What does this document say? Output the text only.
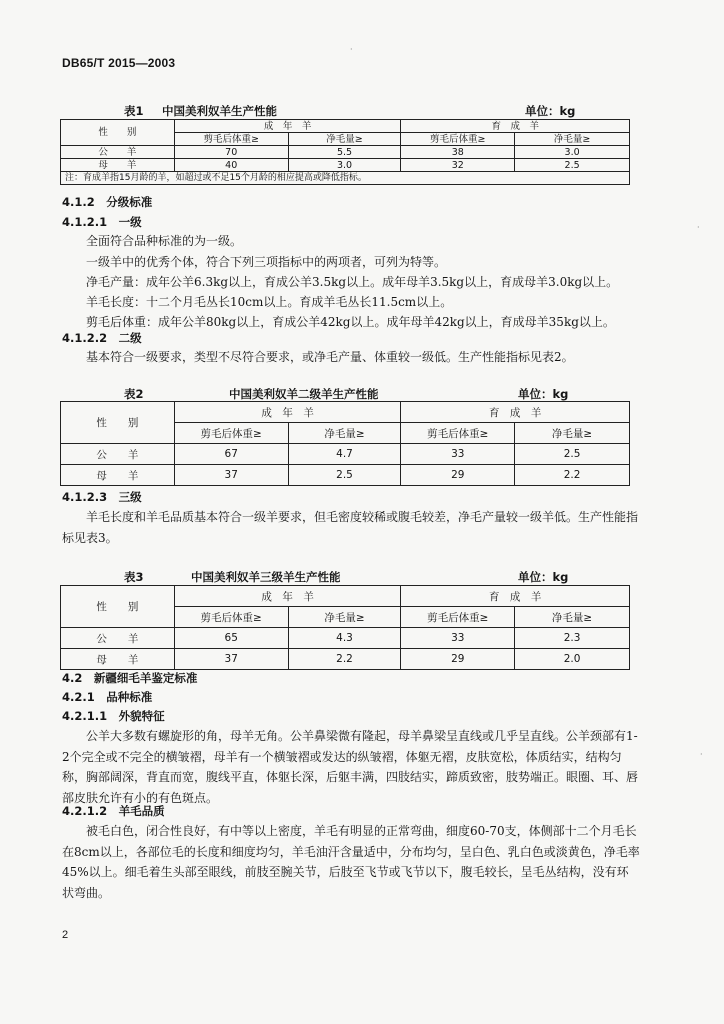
DB65/T 2015—2003
表1 中国美利奴羊生产性能	单位：kg
性　　别	成　年　羊		育　成　羊	
	剪毛后体重≥	净毛量≥	剪毛后体重≥	净毛量≥
公　　羊	70	5.5	38	3.0
母　　羊	40	3.0	32	2.5
注：育成羊指15月龄的羊，如超过或不足15个月龄的相应提高或降低指标。				
4.1.2　分级标准
4.1.2.1　一级
全面符合品种标准的为一级。
一级羊中的优秀个体，符合下列三项指标中的两项者，可列为特等。
净毛产量：成年公羊6.3kg以上，育成公羊3.5kg以上。成年母羊3.5kg以上，育成母羊3.0kg以上。
羊毛长度：十二个月毛丛长10cm以上。育成羊毛丛长11.5cm以上。
剪毛后体重：成年公羊80kg以上，育成公羊42kg以上。成年母羊42kg以上，育成母羊35kg以上。
4.1.2.2　二级
基本符合一级要求，类型不尽符合要求，或净毛产量、体重较一级低。生产性能指标见表2。
表2	中国美利奴羊二级羊生产性能	单位：kg
性　　别	成　年　羊		育　成　羊	
	剪毛后体重≥	净毛量≥	剪毛后体重≥	净毛量≥
公　　羊	67	4.7	33	2.5
母　　羊	37	2.5	29	2.2
4.1.2.3　三级
羊毛长度和羊毛品质基本符合一级羊要求，但毛密度较稀或腹毛较差，净毛产量较一级羊低。生产性能指标见表3。
表3	中国美利奴羊三级羊生产性能	单位：kg
性　　别	成　年　羊		育　成　羊	
	剪毛后体重≥	净毛量≥	剪毛后体重≥	净毛量≥
公　　羊	65	4.3	33	2.3
母　　羊	37	2.2	29	2.0
4.2　新疆细毛羊鉴定标准
4.2.1　品种标准
4.2.1.1　外貌特征
公羊大多数有螺旋形的角，母羊无角。公羊鼻梁微有隆起，母羊鼻梁呈直线或几乎呈直线。公羊颈部有1-2个完全或不完全的横皱褶，母羊有一个横皱褶或发达的纵皱褶，体躯无褶，皮肤宽松，体质结实，结构匀称，胸部阔深，背直而宽，腹线平直，体躯长深，后躯丰满，四肢结实，蹄质致密，肢势端正。眼圈、耳、唇部皮肤允许有小的有色斑点。
4.2.1.2　羊毛品质
被毛白色，闭合性良好，有中等以上密度，羊毛有明显的正常弯曲，细度60-70支，体侧部十二个月毛长在8cm以上，各部位毛的长度和细度均匀，羊毛油汗含量适中，分布均匀，呈白色、乳白色或淡黄色，净毛率45%以上。细毛着生头部至眼线，前肢至腕关节，后肢至飞节或飞节以下，腹毛较长，呈毛丛结构，没有环状弯曲。
2
·
·
·
